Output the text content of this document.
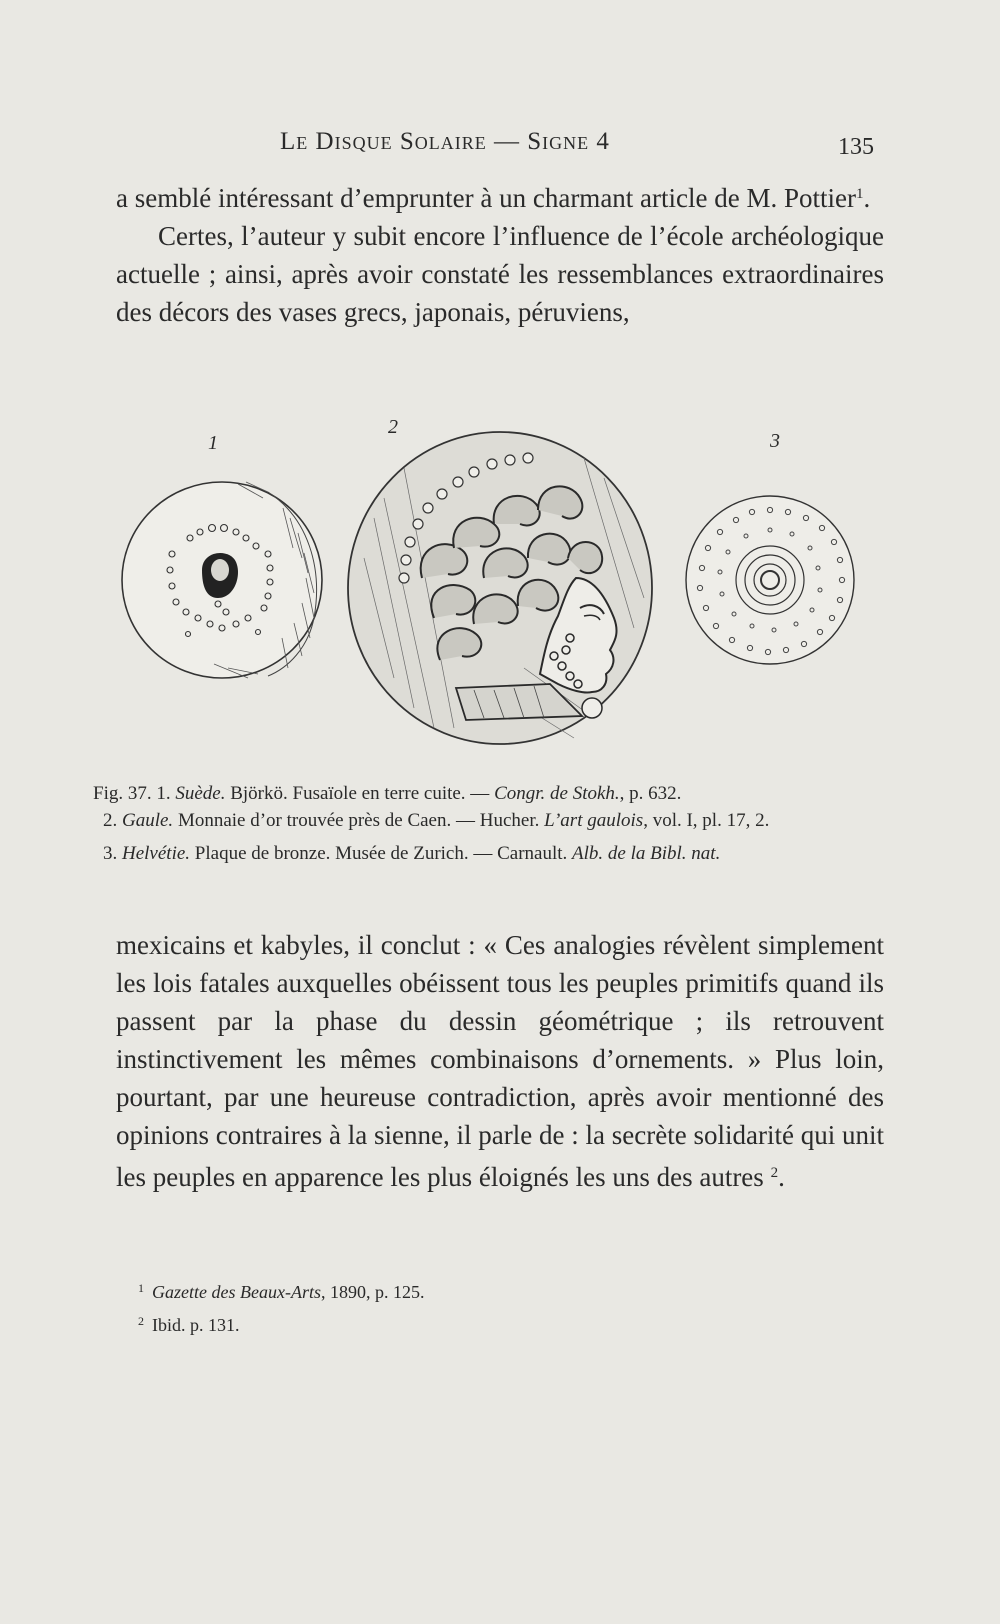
Le Disque Solaire — Signe 4	135

a semblé intéressant d’emprunter à un charmant article de M. Pottier$^1$.

Certes, l’auteur y subit encore l’influence de l’école archéologique actuelle ; ainsi, après avoir constaté les ressemblances extraordinaires des décors des vases grecs, japonais, péruviens,

1
2
3

Fig. 37. 1. Suède. Björkö. Fusaïole en terre cuite. — Congr. de Stokh., p. 632.

2. Gaule. Monnaie d’or trouvée près de Caen. — Hucher. L’art gaulois, vol. I, pl. 17, 2.

3. Helvétie. Plaque de bronze. Musée de Zurich. — Carnault. Alb. de la Bibl. nat.

mexicains et kabyles, il conclut : « Ces analogies révèlent simplement les lois fatales auxquelles obéissent tous les peuples primitifs quand ils passent par la phase du dessin géométrique ; ils retrouvent instinctivement les mêmes combinaisons d’ornements. » Plus loin, pourtant, par une heureuse contradiction, après avoir mentionné des opinions contraires à la sienne, il parle de : la secrète solidarité qui unit les peuples en apparence les plus éloignés les uns des autres $^2$.

$^1$ Gazette des Beaux-Arts, 1890, p. 125.

$^2$ Ibid. p. 131.
